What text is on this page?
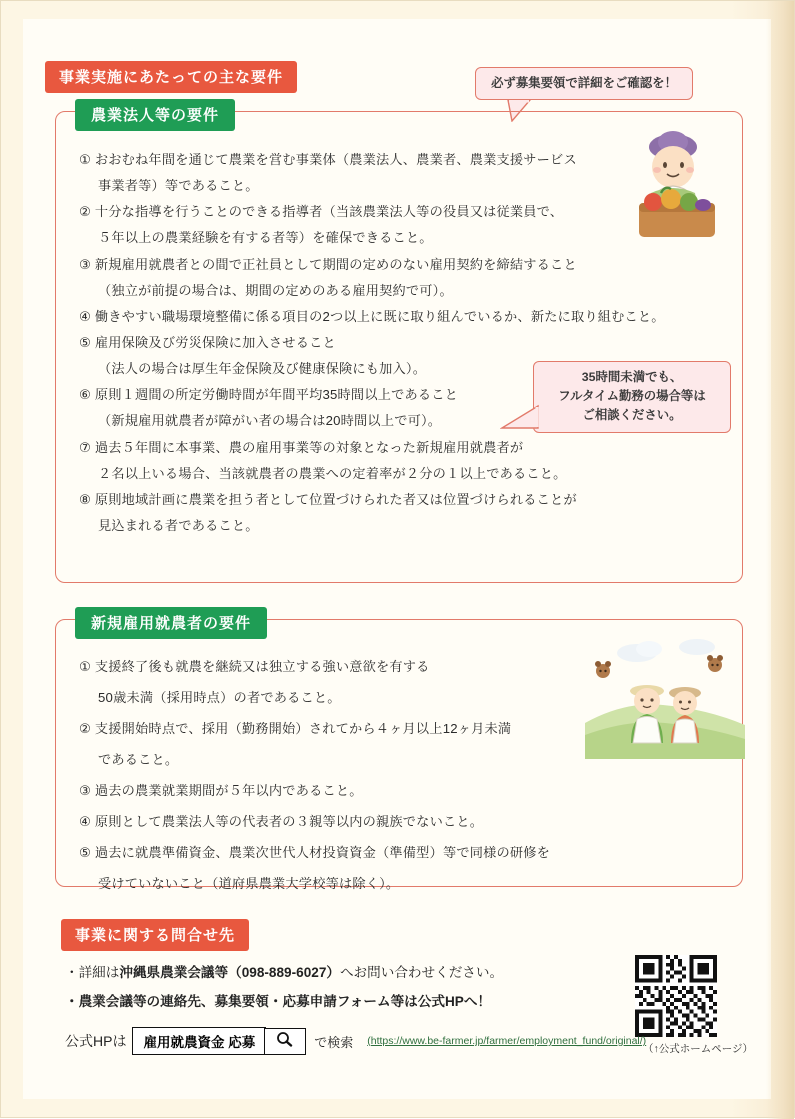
事業実施にあたっての主な要件	必ず募集要領で詳細をご確認を！
農業法人等の要件
① おおむね年間を通じて農業を営む事業体（農業法人、農業者、農業支援サービス
事業者等）等であること。
② 十分な指導を行うことのできる指導者（当該農業法人等の役員又は従業員で、
５年以上の農業経験を有する者等）を確保できること。
③ 新規雇用就農者との間で正社員として期間の定めのない雇用契約を締結すること
（独立が前提の場合は、期間の定めのある雇用契約で可）。
④ 働きやすい職場環境整備に係る項目の2つ以上に既に取り組んでいるか、新たに取り組むこと。
⑤ 雇用保険及び労災保険に加入させること
（法人の場合は厚生年金保険及び健康保険にも加入）。
⑥ 原則１週間の所定労働時間が年間平均35時間以上であること
（新規雇用就農者が障がい者の場合は20時間以上で可）。
⑦ 過去５年間に本事業、農の雇用事業等の対象となった新規雇用就農者が
２名以上いる場合、当該就農者の農業への定着率が２分の１以上であること。
⑧ 原則地域計画に農業を担う者として位置づけられた者又は位置づけられることが
見込まれる者であること。
35時間未満でも、
フルタイム勤務の場合等は
ご相談ください。
新規雇用就農者の要件
① 支援終了後も就農を継続又は独立する強い意欲を有する
50歳未満（採用時点）の者であること。
② 支援開始時点で、採用（勤務開始）されてから４ヶ月以上12ヶ月未満
であること。
③ 過去の農業就業期間が５年以内であること。
④ 原則として農業法人等の代表者の３親等以内の親族でないこと。
⑤ 過去に就農準備資金、農業次世代人材投資資金（準備型）等で同様の研修を
受けていないこと（道府県農業大学校等は除く）。
事業に関する問合せ先
・詳細は沖縄県農業会議等（098-889-6027）へお問い合わせください。
・農業会議等の連絡先、募集要領・応募申請フォーム等は公式HPへ！
（↑公式ホームページ）
公式HPは	雇用就農資金 応募	で検索 (https://www.be-farmer.jp/farmer/employment_fund/original/)
